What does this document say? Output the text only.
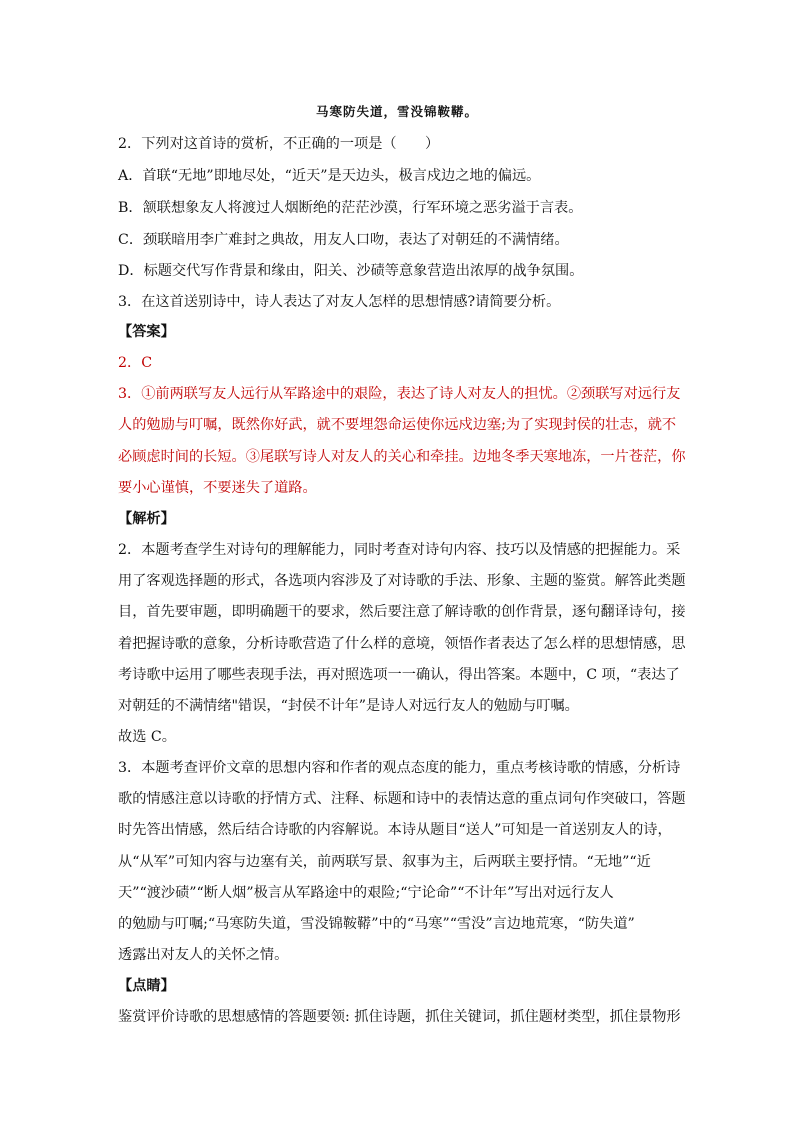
马寒防失道，雪没锦鞍鞯。
2．下列对这首诗的赏析，不正确的一项是（　　）
A．首联“无地”即地尽处，“近天”是天边头，极言戍边之地的偏远。
B．颔联想象友人将渡过人烟断绝的茫茫沙漠，行军环境之恶劣溢于言表。
C．颈联暗用李广难封之典故，用友人口吻，表达了对朝廷的不满情绪。
D．标题交代写作背景和缘由，阳关、沙碛等意象营造出浓厚的战争氛围。
3．在这首送别诗中，诗人表达了对友人怎样的思想情感?请简要分析。
【答案】
2．C
3．①前两联写友人远行从军路途中的艰险，表达了诗人对友人的担忧。②颈联写对远行友
人的勉励与叮嘱，既然你好武，就不要埋怨命运使你远戍边塞;为了实现封侯的壮志，就不
必顾虑时间的长短。③尾联写诗人对友人的关心和牵挂。边地冬季天寒地冻，一片苍茫，你
要小心谨慎，不要迷失了道路。
【解析】
2．本题考查学生对诗句的理解能力，同时考查对诗句内容、技巧以及情感的把握能力。采
用了客观选择题的形式，各选项内容涉及了对诗歌的手法、形象、主题的鉴赏。解答此类题
目，首先要审题，即明确题干的要求，然后要注意了解诗歌的创作背景，逐句翻译诗句，接
着把握诗歌的意象，分析诗歌营造了什么样的意境，领悟作者表达了怎么样的思想情感，思
考诗歌中运用了哪些表现手法，再对照选项一一确认，得出答案。本题中，C 项，“表达了
对朝廷的不满情绪"错误，“封侯不计年”是诗人对远行友人的勉励与叮嘱。
故选 C。
3．本题考查评价文章的思想内容和作者的观点态度的能力，重点考核诗歌的情感，分析诗
歌的情感注意以诗歌的抒情方式、注释、标题和诗中的表情达意的重点词句作突破口，答题
时先答出情感，然后结合诗歌的内容解说。本诗从题目“送人”可知是一首送别友人的诗，
从“从军”可知内容与边塞有关，前两联写景、叙事为主，后两联主要抒情。“无地”“近
天”“渡沙碛”“断人烟”极言从军路途中的艰险;“宁论命”“不计年”写出对远行友人
的勉励与叮嘱;“马寒防失道，雪没锦鞍鞯”中的“马寒”“雪没”言边地荒寒，“防失道”
透露出对友人的关怀之情。
【点睛】
鉴赏评价诗歌的思想感情的答题要领: 抓住诗题，抓住关键词，抓住题材类型，抓住景物形
